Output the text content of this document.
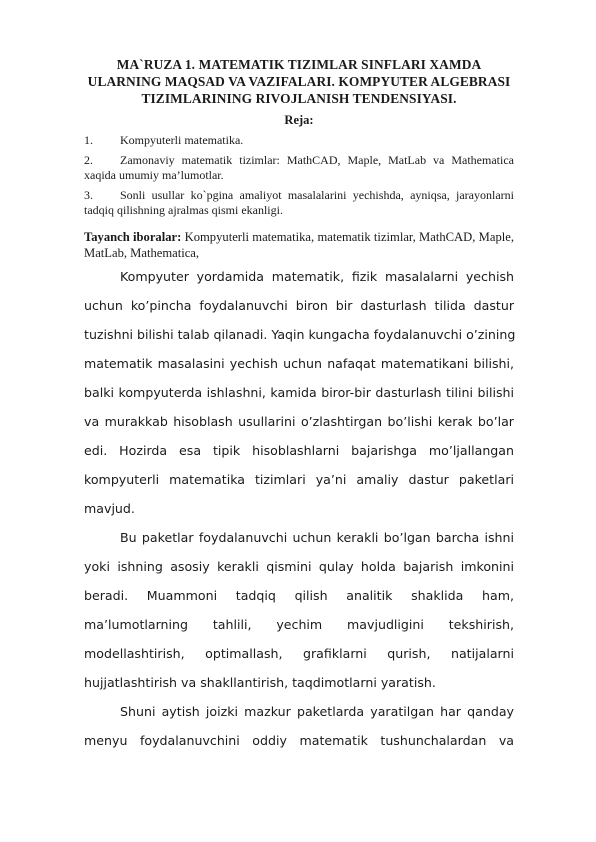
MA`RUZA 1. MATEMATIK TIZIMLAR SINFLARI XAMDA ULARNING MAQSAD VA VAZIFALARI. KOMPYUTER ALGEBRASI TIZIMLARINING RIVOJLANISH TENDENSIYASI.
Reja:
1. Kompyuterli matematika.
2. Zamonaviy matematik tizimlar: MathCAD, Maple, MatLab va Mathematica xaqida umumiy ma’lumotlar.
3. Sonli usullar ko`pgina amaliyot masalalarini yechishda, ayniqsa, jarayonlarni tadqiq qilishning ajralmas qismi ekanligi.
Tayanch iboralar: Kompyuterli matematika, matematik tizimlar, MathCAD, Maple, MatLab, Mathematica,
Kompyuter yordamida matematik, fizik masalalarni yechish
uchun ko’pincha foydalanuvchi biron bir dasturlash tilida dastur
tuzishni bilishi talab qilanadi. Yaqin kungacha foydalanuvchi o’zining
matematik masalasini yechish uchun nafaqat matematikani bilishi,
balki kompyuterda ishlashni, kamida biror-bir dasturlash tilini bilishi
va murakkab hisoblash usullarini o’zlashtirgan bo’lishi kerak bo’lar
edi. Hozirda esa tipik hisoblashlarni bajarishga mo’ljallangan
kompyuterli matematika tizimlari ya’ni amaliy dastur paketlari
mavjud.
Bu paketlar foydalanuvchi uchun kerakli bo’lgan barcha ishni
yoki ishning asosiy kerakli qismini qulay holda bajarish imkonini
beradi. Muammoni tadqiq qilish analitik shaklida ham,
ma’lumotlarning tahlili, yechim mavjudligini tekshirish,
modellashtirish, optimallash, grafiklarni qurish, natijalarni
hujjatlashtirish va shakllantirish, taqdimotlarni yaratish.
Shuni aytish joizki mazkur paketlarda yaratilgan har qanday
menyu foydalanuvchini oddiy matematik tushunchalardan va
